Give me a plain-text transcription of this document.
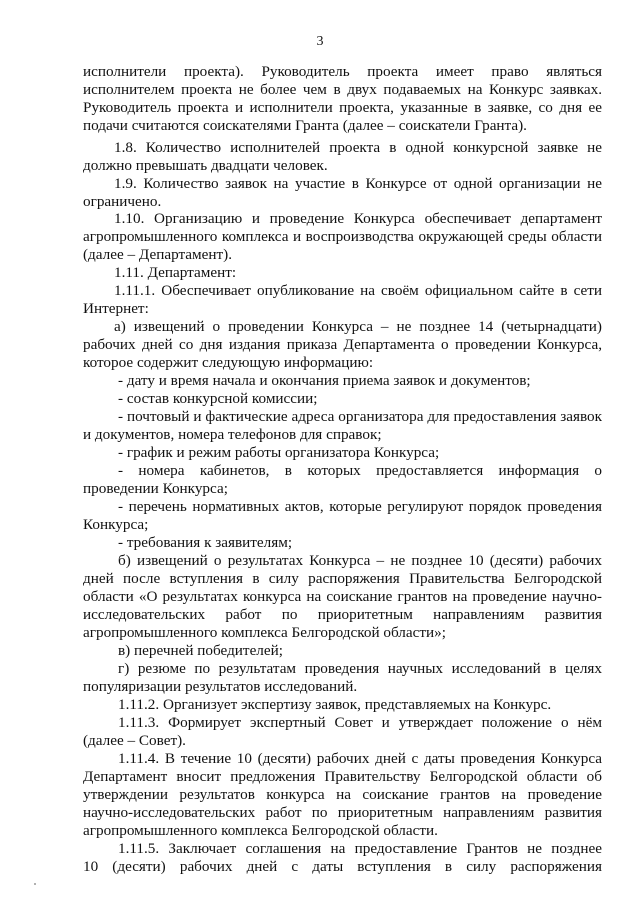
3
исполнители проекта). Руководитель проекта имеет право являться
исполнителем проекта не более чем в двух подаваемых на Конкурс заявках.
Руководитель проекта и исполнители проекта, указанные в заявке, со дня ее
подачи считаются соискателями Гранта (далее – соискатели Гранта).
1.8. Количество исполнителей проекта в одной конкурсной заявке не
должно превышать двадцати человек.
1.9. Количество заявок на участие в Конкурсе от одной организации не
ограничено.
1.10. Организацию и проведение Конкурса обеспечивает департамент
агропромышленного комплекса и воспроизводства окружающей среды области
(далее – Департамент).
1.11. Департамент:
1.11.1. Обеспечивает опубликование на своём официальном сайте в сети
Интернет:
а) извещений о проведении Конкурса – не позднее 14 (четырнадцати)
рабочих дней со дня издания приказа Департамента о проведении Конкурса,
которое содержит следующую информацию:
- дату и время начала и окончания приема заявок и документов;
- состав конкурсной комиссии;
- почтовый и фактические адреса организатора для предоставления заявок
и документов, номера телефонов для справок;
- график и режим работы организатора Конкурса;
- номера кабинетов, в которых предоставляется информация о
проведении Конкурса;
- перечень нормативных актов, которые регулируют порядок проведения
Конкурса;
- требования к заявителям;
б) извещений о результатах Конкурса – не позднее 10 (десяти) рабочих
дней после вступления в силу распоряжения Правительства Белгородской
области «О результатах конкурса на соискание грантов на проведение научно-
исследовательских работ по приоритетным направлениям развития
агропромышленного комплекса Белгородской области»;
в) перечней победителей;
г) резюме по результатам проведения научных исследований в целях
популяризации результатов исследований.
1.11.2. Организует экспертизу заявок, представляемых на Конкурс.
1.11.3. Формирует экспертный Совет и утверждает положение о нём
(далее – Совет).
1.11.4. В течение 10 (десяти) рабочих дней с даты проведения Конкурса
Департамент вносит предложения Правительству Белгородской области об
утверждении результатов конкурса на соискание грантов на проведение
научно-исследовательских работ по приоритетным направлениям развития
агропромышленного комплекса Белгородской области.
1.11.5. Заключает соглашения на предоставление Грантов не позднее
10 (десяти) рабочих дней с даты вступления в силу распоряжения
